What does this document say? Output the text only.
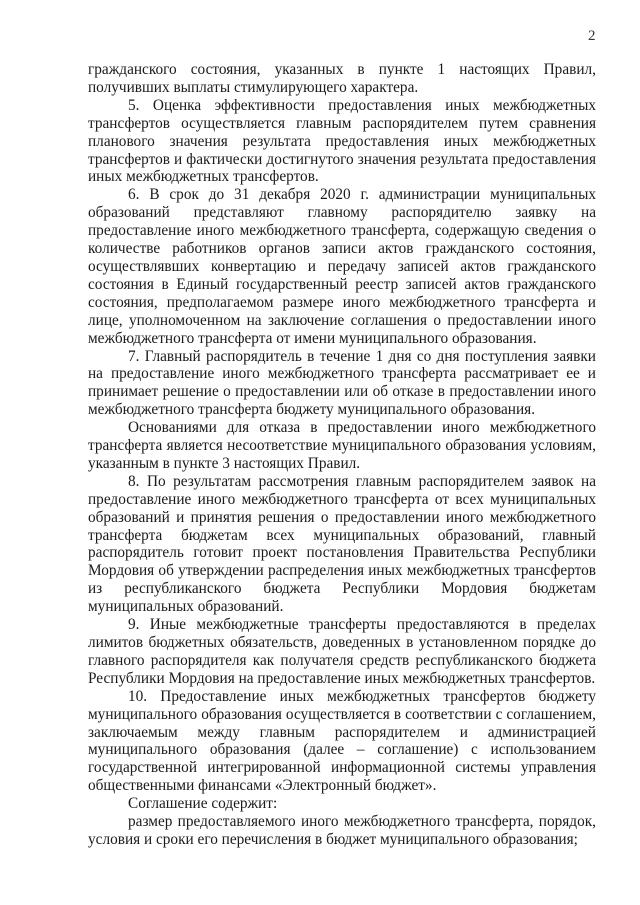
2

гражданского состояния, указанных в пункте 1 настоящих Правил, получивших выплаты стимулирующего характера.

5. Оценка эффективности предоставления иных межбюджетных трансфертов осуществляется главным распорядителем путем сравнения планового значения результата предоставления иных межбюджетных трансфертов и фактически достигнутого значения результата предоставления иных межбюджетных трансфертов.

6. В срок до 31 декабря 2020 г. администрации муниципальных образований представляют главному распорядителю заявку на предоставление иного межбюджетного трансферта, содержащую сведения о количестве работников органов записи актов гражданского состояния, осуществлявших конвертацию и передачу записей актов гражданского состояния в Единый государственный реестр записей актов гражданского состояния, предполагаемом размере иного межбюджетного трансферта и лице, уполномоченном на заключение соглашения о предоставлении иного межбюджетного трансферта от имени муниципального образования.

7. Главный распорядитель в течение 1 дня со дня поступления заявки на предоставление иного межбюджетного трансферта рассматривает ее и принимает решение о предоставлении или об отказе в предоставлении иного межбюджетного трансферта бюджету муниципального образования.

Основаниями для отказа в предоставлении иного межбюджетного трансферта является несоответствие муниципального образования условиям, указанным в пункте 3 настоящих Правил.

8. По результатам рассмотрения главным распорядителем заявок на предоставление иного межбюджетного трансферта от всех муниципальных образований и принятия решения о предоставлении иного межбюджетного трансферта бюджетам всех муниципальных образований, главный распорядитель готовит проект постановления Правительства Республики Мордовия об утверждении распределения иных межбюджетных трансфертов из республиканского бюджета Республики Мордовия бюджетам муниципальных образований.

9. Иные межбюджетные трансферты предоставляются в пределах лимитов бюджетных обязательств, доведенных в установленном порядке до главного распорядителя как получателя средств республиканского бюджета Республики Мордовия на предоставление иных межбюджетных трансфертов.

10. Предоставление иных межбюджетных трансфертов бюджету муниципального образования осуществляется в соответствии с соглашением, заключаемым между главным распорядителем и администрацией муниципального образования (далее – соглашение) с использованием государственной интегрированной информационной системы управления общественными финансами «Электронный бюджет».

Соглашение содержит:

размер предоставляемого иного межбюджетного трансферта, порядок, условия и сроки его перечисления в бюджет муниципального образования;
